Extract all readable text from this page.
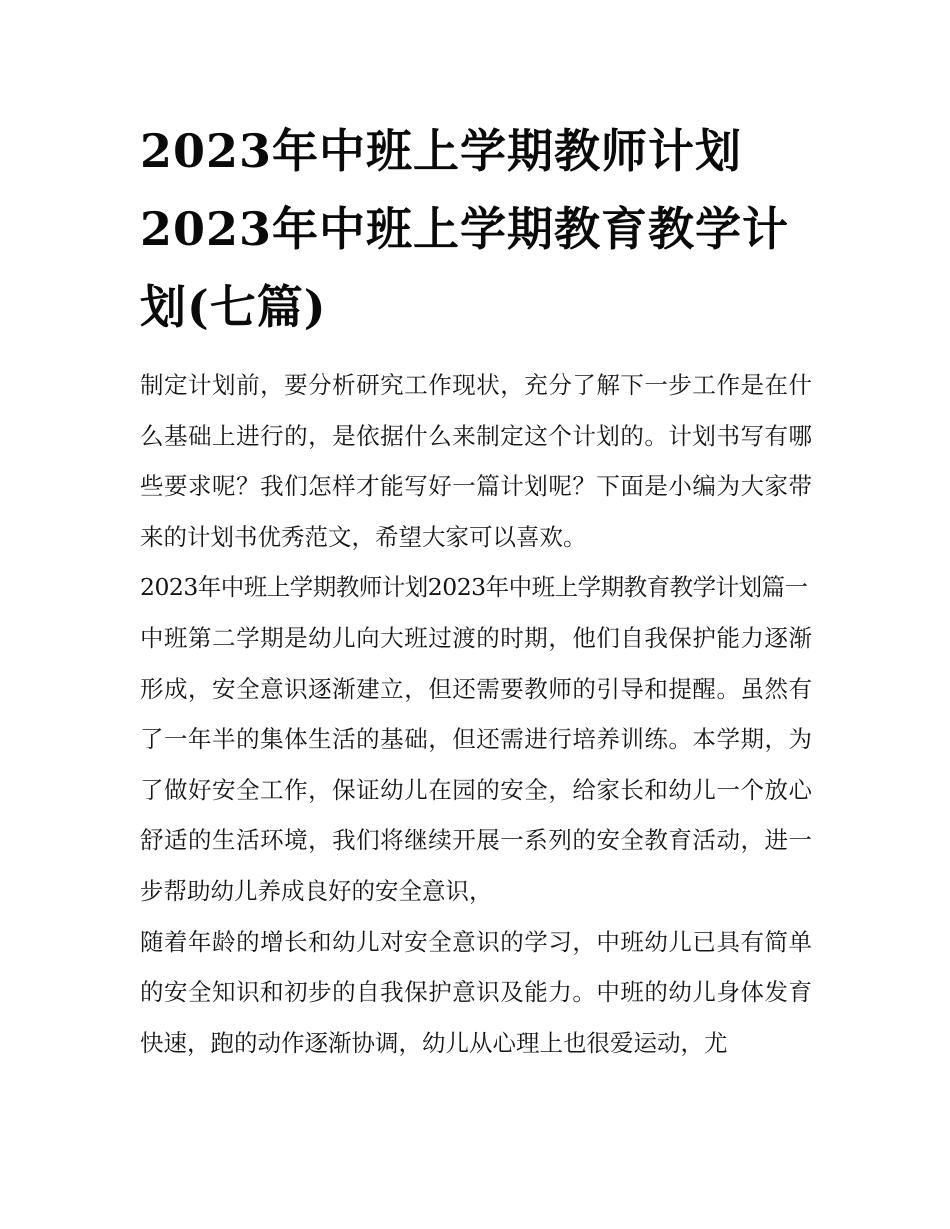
2023年中班上学期教师计划2023年中班上学期教育教学计划(七篇)

制定计划前，要分析研究工作现状，充分了解下一步工作是在什么基础上进行的，是依据什么来制定这个计划的。计划书写有哪些要求呢？我们怎样才能写好一篇计划呢？下面是小编为大家带来的计划书优秀范文，希望大家可以喜欢。

2023年中班上学期教师计划2023年中班上学期教育教学计划篇一

中班第二学期是幼儿向大班过渡的时期，他们自我保护能力逐渐形成，安全意识逐渐建立，但还需要教师的引导和提醒。虽然有了一年半的集体生活的基础，但还需进行培养训练。本学期，为了做好安全工作，保证幼儿在园的安全，给家长和幼儿一个放心舒适的生活环境，我们将继续开展一系列的安全教育活动，进一步帮助幼儿养成良好的安全意识，

随着年龄的增长和幼儿对安全意识的学习，中班幼儿已具有简单的安全知识和初步的自我保护意识及能力。中班的幼儿身体发育快速，跑的动作逐渐协调，幼儿从心理上也很爱运动，尤
